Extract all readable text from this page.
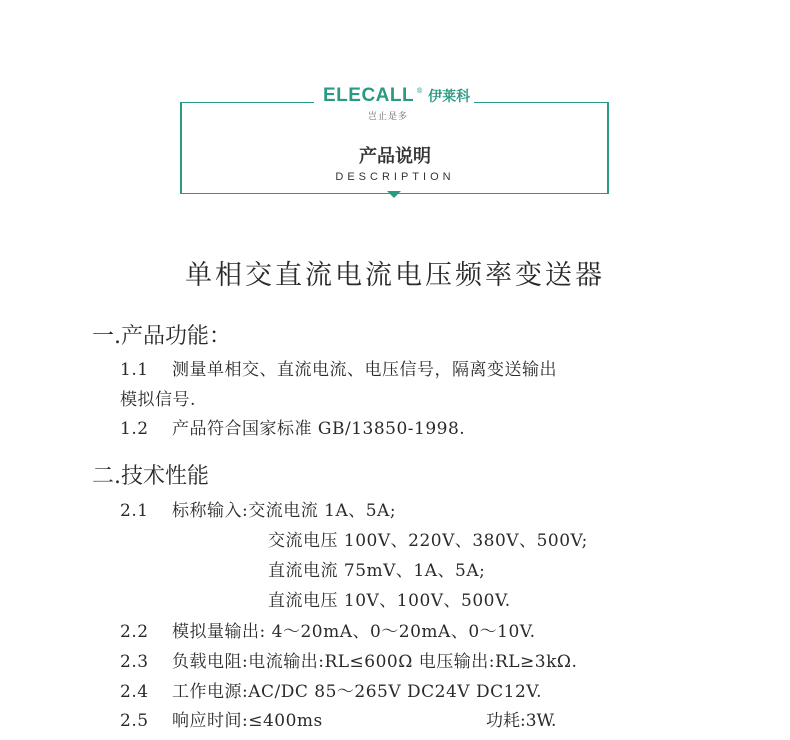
ELECALL ® 伊莱科
岂止是多
产品说明
DESCRIPTION
单相交直流电流电压频率变送器
一.产品功能：
1.1 测量单相交、直流电流、电压信号，隔离变送输出
模拟信号.
1.2 产品符合国家标准 GB/13850-1998.
二.技术性能
2.1 标称输入:交流电流 1A、5A;
交流电压 100V、220V、380V、500V;
直流电流 75mV、1A、5A;
直流电压 10V、100V、500V.
2.2 模拟量输出: 4～20mA、0～20mA、0～10V.
2.3 负载电阻:电流输出:RL≤600Ω 电压输出:RL≥3kΩ.
2.4 工作电源:AC/DC 85～265V DC24V DC12V.
2.5 响应时间:≤400ms	功耗:3W.
